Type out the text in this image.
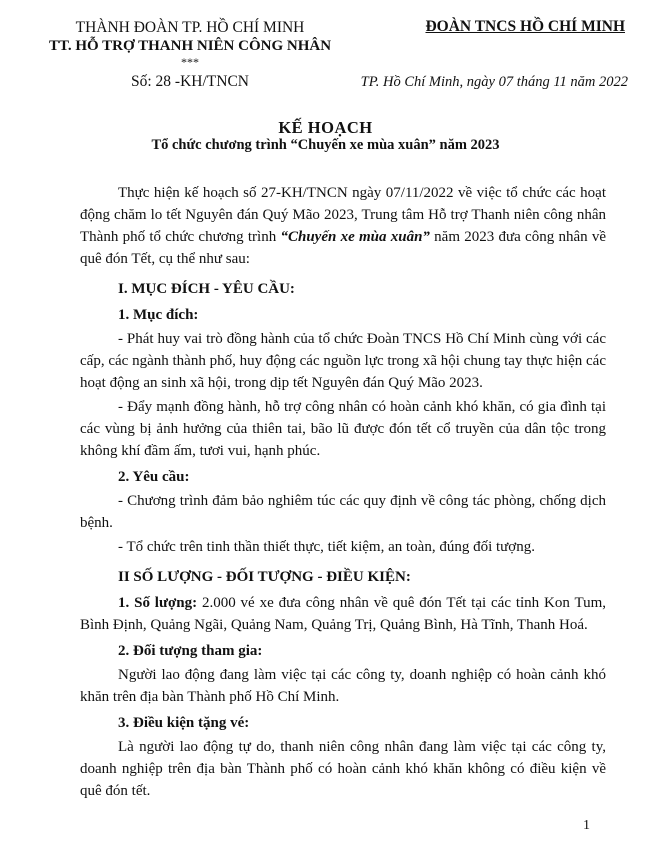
THÀNH ĐOÀN TP. HỒ CHÍ MINH
TT. HỖ TRỢ THANH NIÊN CÔNG NHÂN
***
Số: 28 -KH/TNCN
ĐOÀN TNCS HỒ CHÍ MINH
TP. Hồ Chí Minh, ngày 07 tháng 11 năm 2022
KẾ HOẠCH
Tổ chức chương trình “Chuyến xe mùa xuân” năm 2023

Thực hiện kế hoạch số 27-KH/TNCN ngày 07/11/2022 về việc tổ chức các hoạt động chăm lo tết Nguyên đán Quý Mão 2023, Trung tâm Hỗ trợ Thanh niên công nhân Thành phố tổ chức chương trình “Chuyến xe mùa xuân” năm 2023 đưa công nhân về quê đón Tết, cụ thể như sau:

I. MỤC ĐÍCH - YÊU CẦU:
1. Mục đích:

- Phát huy vai trò đồng hành của tổ chức Đoàn TNCS Hồ Chí Minh cùng với các cấp, các ngành thành phố, huy động các nguồn lực trong xã hội chung tay thực hiện các hoạt động an sinh xã hội, trong dịp tết Nguyên đán Quý Mão 2023.

- Đẩy mạnh đồng hành, hỗ trợ công nhân có hoàn cảnh khó khăn, có gia đình tại các vùng bị ảnh hưởng của thiên tai, bão lũ được đón tết cổ truyền của dân tộc trong không khí đầm ấm, tươi vui, hạnh phúc.

2. Yêu cầu:

- Chương trình đảm bảo nghiêm túc các quy định về công tác phòng, chống dịch bệnh.

- Tổ chức trên tinh thần thiết thực, tiết kiệm, an toàn, đúng đối tượng.

II SỐ LƯỢNG - ĐỐI TƯỢNG - ĐIỀU KIỆN:

1. Số lượng: 2.000 vé xe đưa công nhân về quê đón Tết tại các tỉnh Kon Tum, Bình Định, Quảng Ngãi, Quảng Nam, Quảng Trị, Quảng Bình, Hà Tĩnh, Thanh Hoá.

2. Đối tượng tham gia:

Người lao động đang làm việc tại các công ty, doanh nghiệp có hoàn cảnh khó khăn trên địa bàn Thành phố Hồ Chí Minh.

3. Điều kiện tặng vé:

Là người lao động tự do, thanh niên công nhân đang làm việc tại các công ty, doanh nghiệp trên địa bàn Thành phố có hoàn cảnh khó khăn không có điều kiện về quê đón tết.

1
